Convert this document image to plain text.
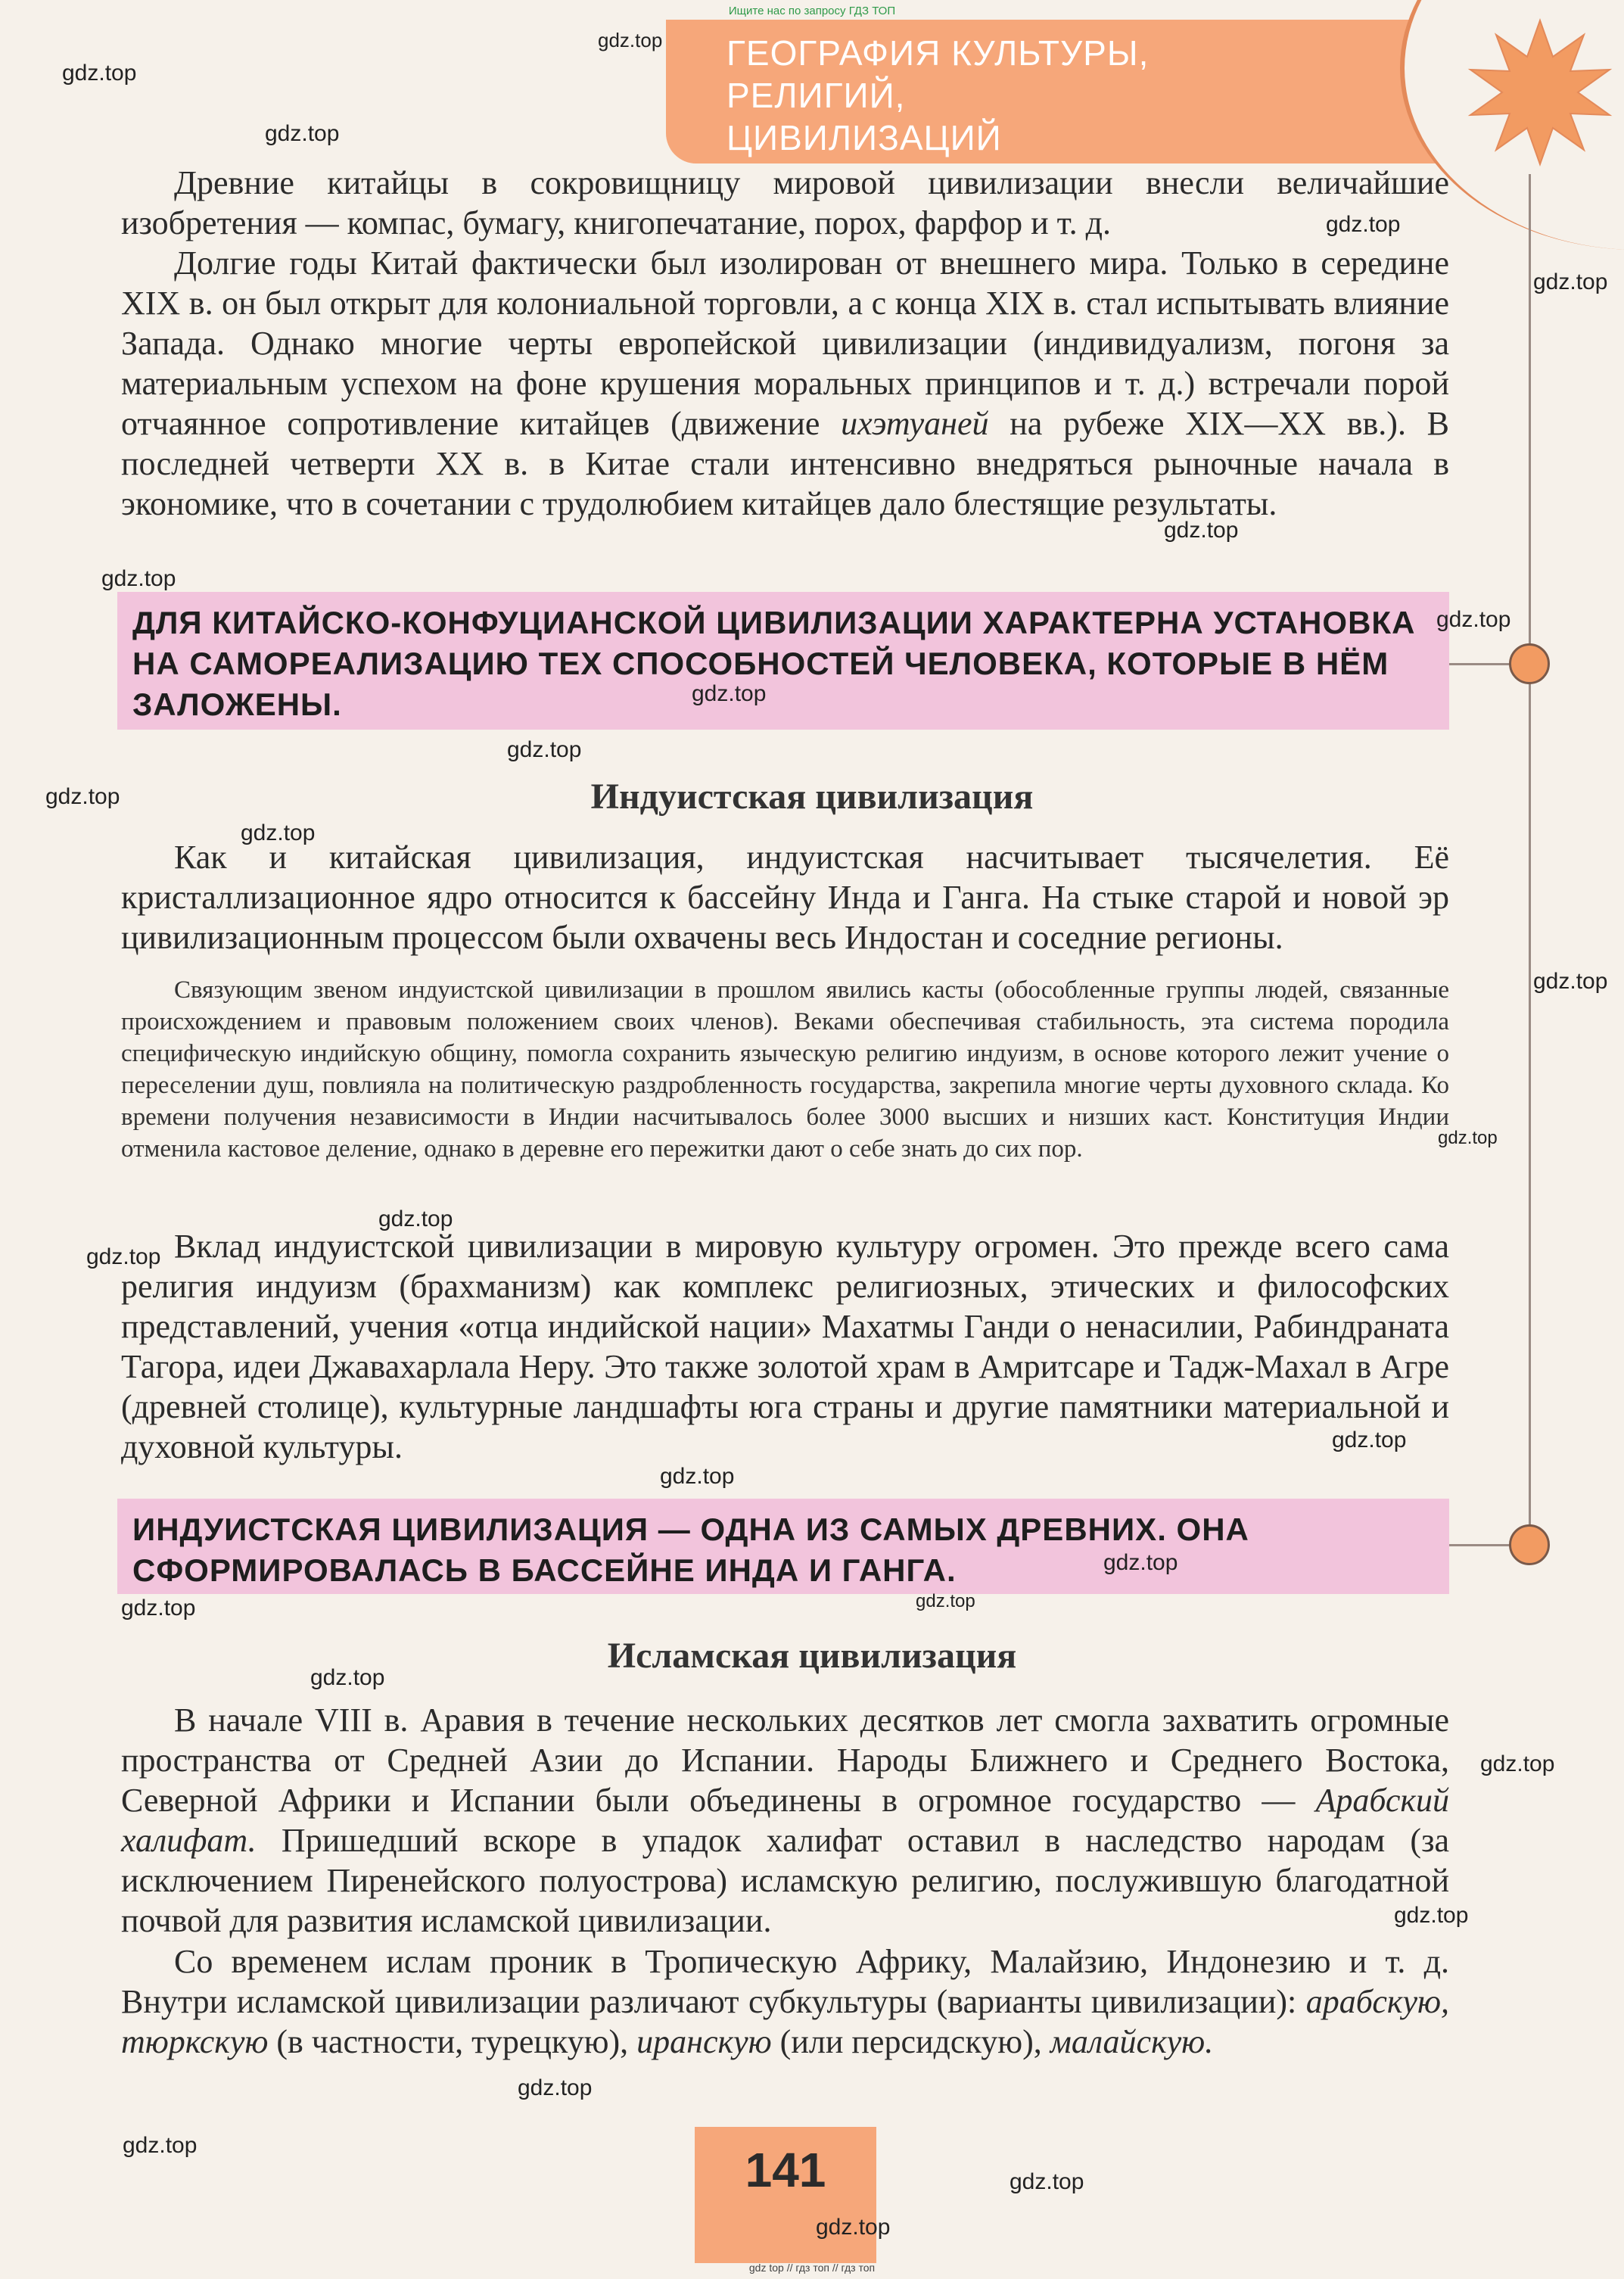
Ищите нас по запросу ГДЗ ТОП
ГЕОГРАФИЯ КУЛЬТУРЫ, РЕЛИГИЙ,
ЦИВИЛИЗАЦИЙ

Древние китайцы в сокровищницу мировой цивилизации внесли величайшие изобретения — компас, бумагу, книгопечатание, порох, фарфор и т. д.

Долгие годы Китай фактически был изолирован от внешнего мира. Только в середине XIX в. он был открыт для колониальной торговли, а с конца XIX в. стал испытывать влияние Запада. Однако многие черты европейской цивилизации (индивидуализм, погоня за материальным успехом на фоне крушения моральных принципов и т. д.) встречали порой отчаянное сопротивление китайцев (движение ихэтуаней на рубеже XIX—XX вв.). В последней четверти XX в. в Китае стали интенсивно внедряться рыночные начала в экономике, что в сочетании с трудолюбием китайцев дало блестящие результаты.

ДЛЯ КИТАЙСКО-КОНФУЦИАНСКОЙ ЦИВИЛИЗАЦИИ ХАРАКТЕРНА УСТАНОВКА НА САМОРЕАЛИЗАЦИЮ ТЕХ СПОСОБНОСТЕЙ ЧЕЛОВЕКА, КОТОРЫЕ В НЁМ ЗАЛОЖЕНЫ.
Индуистская цивилизация

Как и китайская цивилизация, индуистская насчитывает тысячелетия. Её кристаллизационное ядро относится к бассейну Инда и Ганга. На стыке старой и новой эр цивилизационным процессом были охвачены весь Индостан и соседние регионы.

Связующим звеном индуистской цивилизации в прошлом явились касты (обособленные группы людей, связанные происхождением и правовым положением своих членов). Веками обеспечивая стабильность, эта система породила специфическую индийскую общину, помогла сохранить языческую религию индуизм, в основе которого лежит учение о переселении душ, повлияла на политическую раздробленность государства, закрепила многие черты духовного склада. Ко времени получения независимости в Индии насчитывалось более 3000 высших и низших каст. Конституция Индии отменила кастовое деление, однако в деревне его пережитки дают о себе знать до сих пор.

Вклад индуистской цивилизации в мировую культуру огромен. Это прежде всего сама религия индуизм (брахманизм) как комплекс религиозных, этических и философских представлений, учения «отца индийской нации» Махатмы Ганди о ненасилии, Рабиндраната Тагора, идеи Джавахарлала Неру. Это также золотой храм в Амритсаре и Тадж-Махал в Агре (древней столице), культурные ландшафты юга страны и другие памятники материальной и духовной культуры.

ИНДУИСТСКАЯ ЦИВИЛИЗАЦИЯ — ОДНА ИЗ САМЫХ ДРЕВНИХ. ОНА СФОРМИРОВАЛАСЬ В БАССЕЙНЕ ИНДА И ГАНГА.
Исламская цивилизация

В начале VIII в. Аравия в течение нескольких десятков лет смогла захватить огромные пространства от Средней Азии до Испании. Народы Ближнего и Среднего Востока, Северной Африки и Испании были объединены в огромное государство — Арабский халифат. Пришедший вскоре в упадок халифат оставил в наследство народам (за исключением Пиренейского полуострова) исламскую религию, послужившую благодатной почвой для развития исламской цивилизации.

Со временем ислам проник в Тропическую Африку, Малайзию, Индонезию и т. д. Внутри исламской цивилизации различают субкультуры (варианты цивилизации): арабскую, тюркскую (в частности, турецкую), иранскую (или персидскую), малайскую.

141
gdz top // гдз топ // гдз топ
gdz.top
gdz.top
gdz.top
gdz.top
gdz.top
gdz.top
gdz.top
gdz.top
gdz.top
gdz.top
gdz.top
gdz.top
gdz.top
gdz.top
gdz.top
gdz.top
gdz.top
gdz.top
gdz.top
gdz.top
gdz.top
gdz.top
gdz.top
gdz.top
gdz.top
gdz.top
gdz.top
gdz.top
